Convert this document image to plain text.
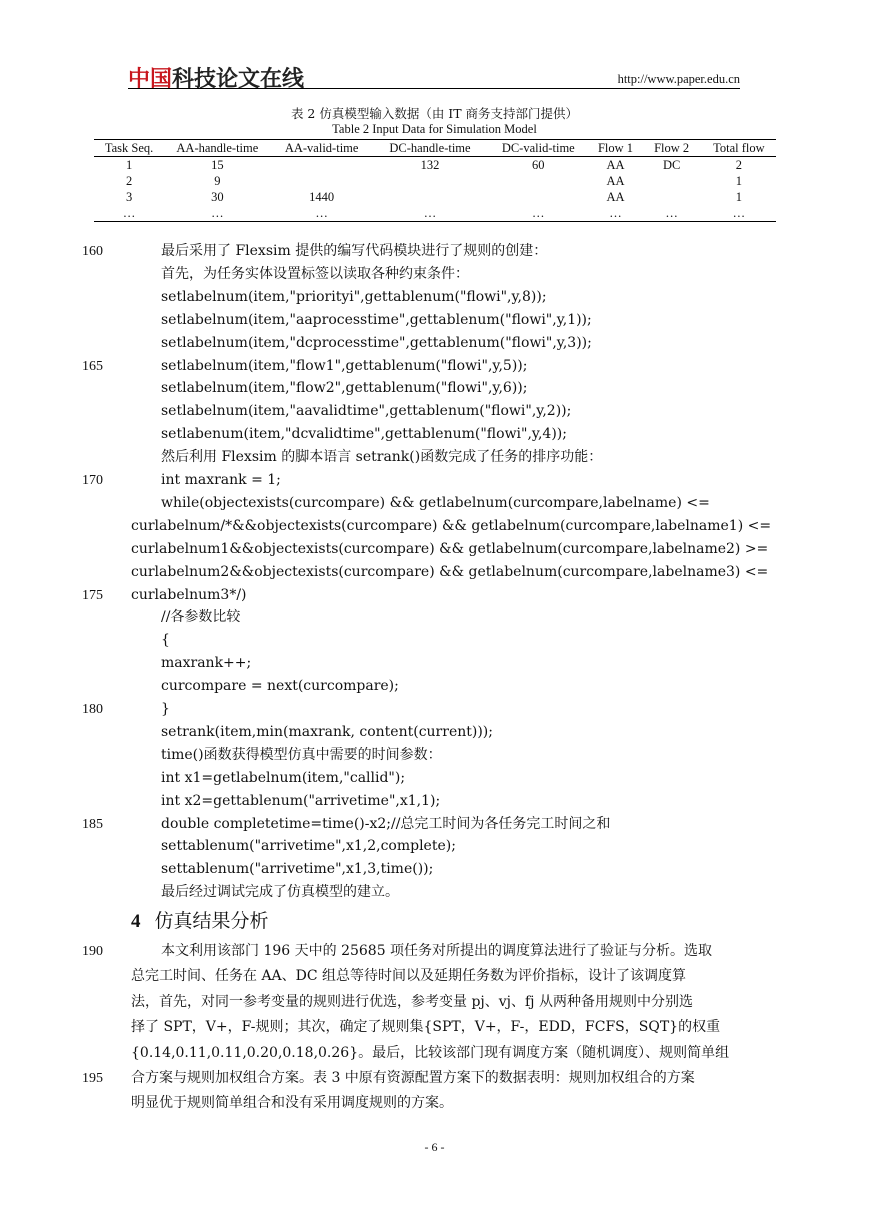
中国科技论文在线	http://www.paper.edu.cn
表 2 仿真模型输入数据（由 IT 商务支持部门提供）
Table 2 Input Data for Simulation Model
Task Seq.	AA-handle-time	AA-valid-time	DC-handle-time	DC-valid-time	Flow 1	Flow 2	Total flow
1	15		132	60	AA	DC	2
2	9				AA		1
3	30	1440			AA		1
…	…	…	…	…	…	…	…
160	最后采用了 Flexsim 提供的编写代码模块进行了规则的创建：
首先，为任务实体设置标签以读取各种约束条件：
setlabelnum(item,"priorityi",gettablenum("flowi",y,8));
setlabelnum(item,"aaprocesstime",gettablenum("flowi",y,1));
setlabelnum(item,"dcprocesstime",gettablenum("flowi",y,3));
165	setlabelnum(item,"flow1",gettablenum("flowi",y,5));
setlabelnum(item,"flow2",gettablenum("flowi",y,6));
setlabelnum(item,"aavalidtime",gettablenum("flowi",y,2));
setlabenum(item,"dcvalidtime",gettablenum("flowi",y,4));
然后利用 Flexsim 的脚本语言 setrank()函数完成了任务的排序功能：
170	int maxrank = 1;
while(objectexists(curcompare) && getlabelnum(curcompare,labelname) <=
curlabelnum/*&&objectexists(curcompare) && getlabelnum(curcompare,labelname1) <=
curlabelnum1&&objectexists(curcompare) && getlabelnum(curcompare,labelname2) >=
curlabelnum2&&objectexists(curcompare) && getlabelnum(curcompare,labelname3) <=
175	curlabelnum3*/)
//各参数比较
{
maxrank++;
curcompare = next(curcompare);
180	}
setrank(item,min(maxrank, content(current)));
time()函数获得模型仿真中需要的时间参数：
int x1=getlabelnum(item,"callid");
int x2=gettablenum("arrivetime",x1,1);
185	double completetime=time()-x2;//总完工时间为各任务完工时间之和
settablenum("arrivetime",x1,2,complete);
settablenum("arrivetime",x1,3,time());
最后经过调试完成了仿真模型的建立。
4 仿真结果分析
190	本文利用该部门 196 天中的 25685 项任务对所提出的调度算法进行了验证与分析。选取
总完工时间、任务在 AA、DC 组总等待时间以及延期任务数为评价指标，设计了该调度算
法，首先，对同一参考变量的规则进行优选，参考变量 pj、vj、fj 从两种备用规则中分别选
择了 SPT，V+，F-规则；其次，确定了规则集{SPT，V+，F-，EDD，FCFS，SQT}的权重
{0.14,0.11,0.11,0.20,0.18,0.26}。最后，比较该部门现有调度方案（随机调度）、规则简单组
195	合方案与规则加权组合方案。表 3 中原有资源配置方案下的数据表明：规则加权组合的方案
明显优于规则简单组合和没有采用调度规则的方案。
- 6 -
